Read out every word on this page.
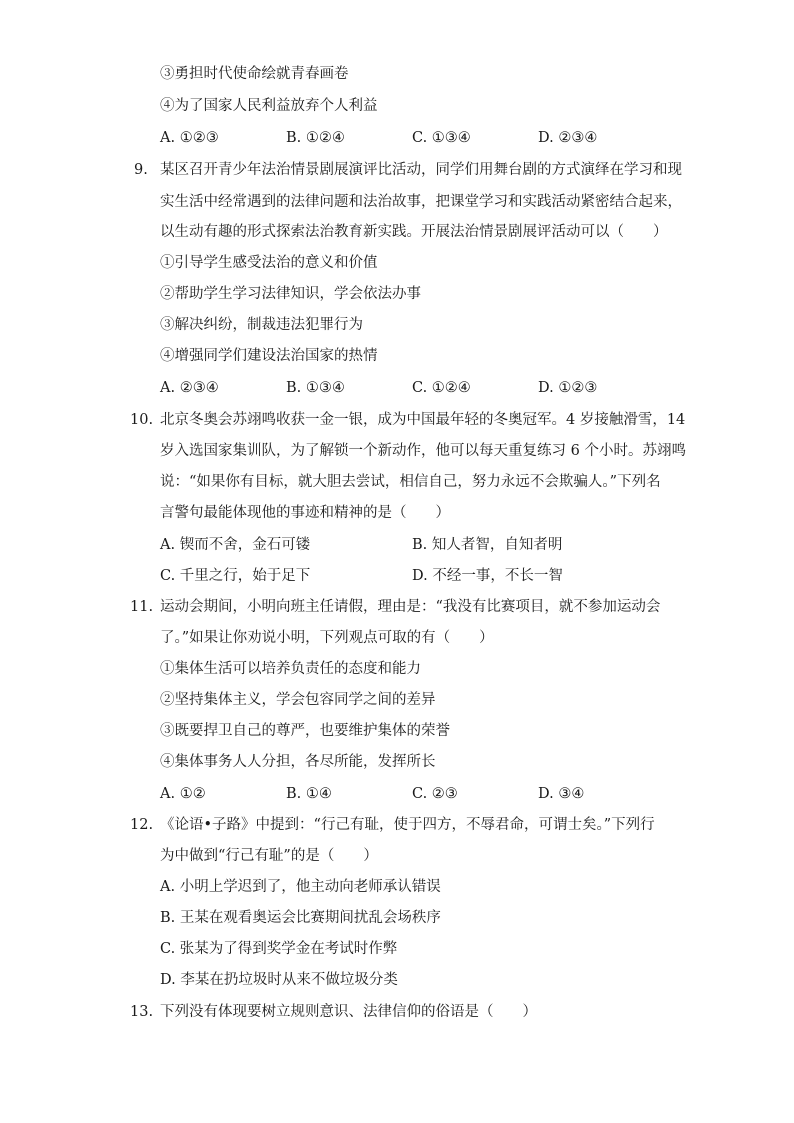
③勇担时代使命绘就青春画卷
④为了国家人民利益放弃个人利益
A. ①②③	B. ①②④	C. ①③④	D. ②③④
9. 某区召开青少年法治情景剧展演评比活动，同学们用舞台剧的方式演绎在学习和现
实生活中经常遇到的法律问题和法治故事，把课堂学习和实践活动紧密结合起来，
以生动有趣的形式探索法治教育新实践。开展法治情景剧展评活动可以（　　）
①引导学生感受法治的意义和价值
②帮助学生学习法律知识，学会依法办事
③解决纠纷，制裁违法犯罪行为
④增强同学们建设法治国家的热情
A. ②③④	B. ①③④	C. ①②④	D. ①②③
10. 北京冬奥会苏翊鸣收获一金一银，成为中国最年轻的冬奥冠军。4 岁接触滑雪，14
岁入选国家集训队，为了解锁一个新动作，他可以每天重复练习 6 个小时。苏翊鸣
说：“如果你有目标，就大胆去尝试，相信自己，努力永远不会欺骗人。”下列名
言警句最能体现他的事迹和精神的是（　　）
A. 锲而不舍，金石可镂	B. 知人者智，自知者明
C. 千里之行，始于足下	D. 不经一事，不长一智
11. 运动会期间，小明向班主任请假，理由是：“我没有比赛项目，就不参加运动会
了。”如果让你劝说小明，下列观点可取的有（　　）
①集体生活可以培养负责任的态度和能力
②坚持集体主义，学会包容同学之间的差异
③既要捍卫自己的尊严，也要维护集体的荣誉
④集体事务人人分担，各尽所能，发挥所长
A. ①②	B. ①④	C. ②③	D. ③④
12. 《论语•子路》中提到：“行己有耻，使于四方，不辱君命，可谓士矣。”下列行
为中做到“行己有耻”的是（　　）
A. 小明上学迟到了，他主动向老师承认错误
B. 王某在观看奥运会比赛期间扰乱会场秩序
C. 张某为了得到奖学金在考试时作弊
D. 李某在扔垃圾时从来不做垃圾分类
13. 下列没有体现要树立规则意识、法律信仰的俗语是（　　）
